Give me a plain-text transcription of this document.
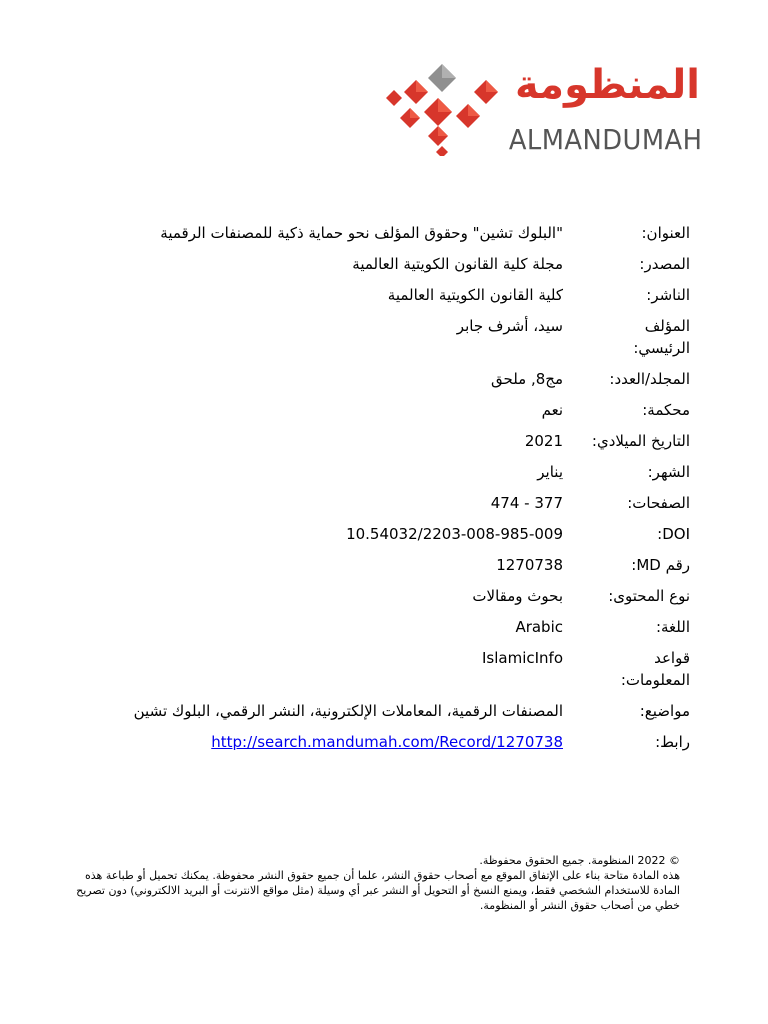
المنظومة
ALMANDUMAH
العنوان:
"البلوك تشين" وحقوق المؤلف نحو حماية ذكية للمصنفات الرقمية
المصدر:
مجلة كلية القانون الكويتية العالمية
الناشر:
كلية القانون الكويتية العالمية
المؤلف الرئيسي:
سيد، أشرف جابر
المجلد/العدد:
مج8, ملحق
محكمة:
نعم
التاريخ الميلادي:
2021
الشهر:
يناير
الصفحات:
377 - 474
DOI:
10.54032/2203-008-985-009
رقم MD:
1270738
نوع المحتوى:
بحوث ومقالات
اللغة:
Arabic
قواعد المعلومات:
IslamicInfo
مواضيع:
المصنفات الرقمية، المعاملات الإلكترونية، النشر الرقمي، البلوك تشين
رابط:
http://search.mandumah.com/Record/1270738

© 2022 المنظومة. جميع الحقوق محفوظة.

هذه المادة متاحة بناء على الإتفاق الموقع مع أصحاب حقوق النشر، علما أن جميع حقوق النشر محفوظة. يمكنك تحميل أو طباعة هذه المادة للاستخدام الشخصي فقط، ويمنع النسخ أو التحويل أو النشر عبر أي وسيلة (مثل مواقع الانترنت أو البريد الالكتروني) دون تصريح خطي من أصحاب حقوق النشر أو المنظومة.
